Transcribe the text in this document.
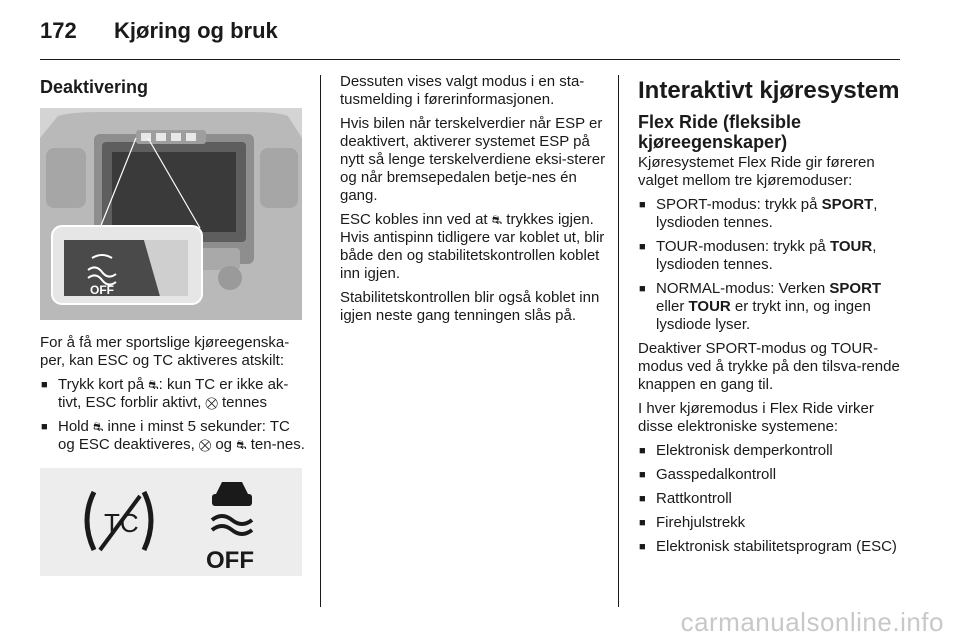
172 Kjøring og bruk
Deaktivering
OFF

For å få mer sportslige kjøreegenska-per, kan ESC og TC aktiveres atskilt:

■ Trykk kort på ⛐: kun TC er ikke ak-tivt, ESC forblir aktivt, ⛒ tennes
■ Hold ⛐ inne i minst 5 sekunder: TC og ESC deaktiveres, ⛒ og ⛐ ten-nes.
TC
OFF

Dessuten vises valgt modus i en sta-tusmelding i førerinformasjonen.

Hvis bilen når terskelverdier når ESP er deaktivert, aktiverer systemet ESP på nytt så lenge terskelverdiene eksi-sterer og når bremsepedalen betje-nes én gang.

ESC kobles inn ved at ⛐ trykkes igjen. Hvis antispinn tidligere var koblet ut, blir både den og stabilitetskontrollen koblet inn igjen.

Stabilitetskontrollen blir også koblet inn igjen neste gang tenningen slås på.

Interaktivt kjøresystem
Flex Ride (fleksible kjøreegenskaper)

Kjøresystemet Flex Ride gir føreren valget mellom tre kjøremoduser:

■ SPORT-modus: trykk på SPORT, lysdioden tennes.
■ TOUR-modusen: trykk på TOUR, lysdioden tennes.
■ NORMAL-modus: Verken SPORT eller TOUR er trykt inn, og ingen lysdiode lyser.

Deaktiver SPORT-modus og TOUR-modus ved å trykke på den tilsva-rende knappen en gang til.

I hver kjøremodus i Flex Ride virker disse elektroniske systemene:

■ Elektronisk demperkontroll
■ Gasspedalkontroll
■ Rattkontroll
■ Firehjulstrekk
■ Elektronisk stabilitetsprogram (ESC)
carmanualsonline.info
